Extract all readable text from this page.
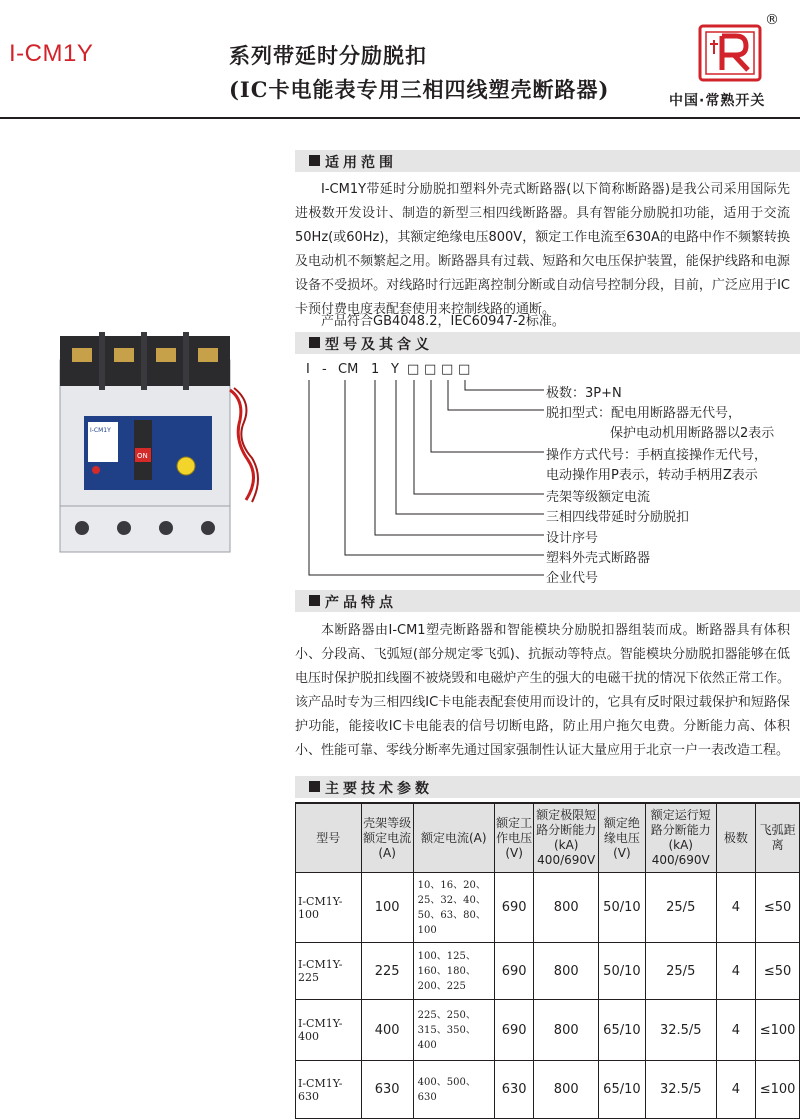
I-CM1Y	系列带延时分励脱扣
(IC卡电能表专用三相四线塑壳断路器)
®
中国·常熟开关
适用范围
I-CM1Y带延时分励脱扣塑料外壳式断路器(以下简称断路器)是我公司采用国际先进极数开发设计、制造的新型三相四线断路器。具有智能分励脱扣功能，适用于交流50Hz(或60Hz)，其额定绝缘电压800V，额定工作电流至630A的电路中作不频繁转换及电动机不频繁起之用。断路器具有过载、短路和欠电压保护装置，能保护线路和电源设备不受损坏。对线路时行远距离控制分断或自动信号控制分段，目前，广泛应用于IC卡预付费电度表配套使用来控制线路的通断。
产品符合GB4048.2，IEC60947-2标准。
I-CM1Y
ON
型号及其含义
I - CM 1 Y □ □ □ □
极数：3P+N
脱扣型式：配电用断路器无代号，
保护电动机用断路器以2表示
操作方式代号：手柄直接操作无代号，
电动操作用P表示，转动手柄用Z表示
壳架等级额定电流
三相四线带延时分励脱扣
设计序号
塑料外壳式断路器
企业代号
产品特点
本断路器由I-CM1塑壳断路器和智能模块分励脱扣器组装而成。断路器具有体积小、分段高、飞弧短(部分规定零飞弧)、抗振动等特点。智能模块分励脱扣器能够在低电压时保护脱扣线圈不被烧毁和电磁炉产生的强大的电磁干扰的情况下依然正常工作。该产品时专为三相四线IC卡电能表配套使用而设计的，它具有反时限过载保护和短路保护功能，能接收IC卡电能表的信号切断电路，防止用户拖欠电费。分断能力高、体积小、性能可靠、零线分断率先通过国家强制性认证大量应用于北京一户一表改造工程。
主要技术参数
型号	壳架等级额定电流(A)	额定电流(A)	额定工作电压(V)	额定极限短路分断能力(kA) 400/690V	额定绝缘电压(V)	额定运行短路分断能力(kA) 400/690V	极数	飞弧距离
I-CM1Y-100	100	10、16、20、25、32、40、50、63、80、100	690	800	50/10	25/5	4	≤50
I-CM1Y-225	225	100、125、160、180、200、225	690	800	50/10	25/5	4	≤50
I-CM1Y-400	400	225、250、315、350、400	690	800	65/10	32.5/5	4	≤100
I-CM1Y-630	630	400、500、630	630	800	65/10	32.5/5	4	≤100
